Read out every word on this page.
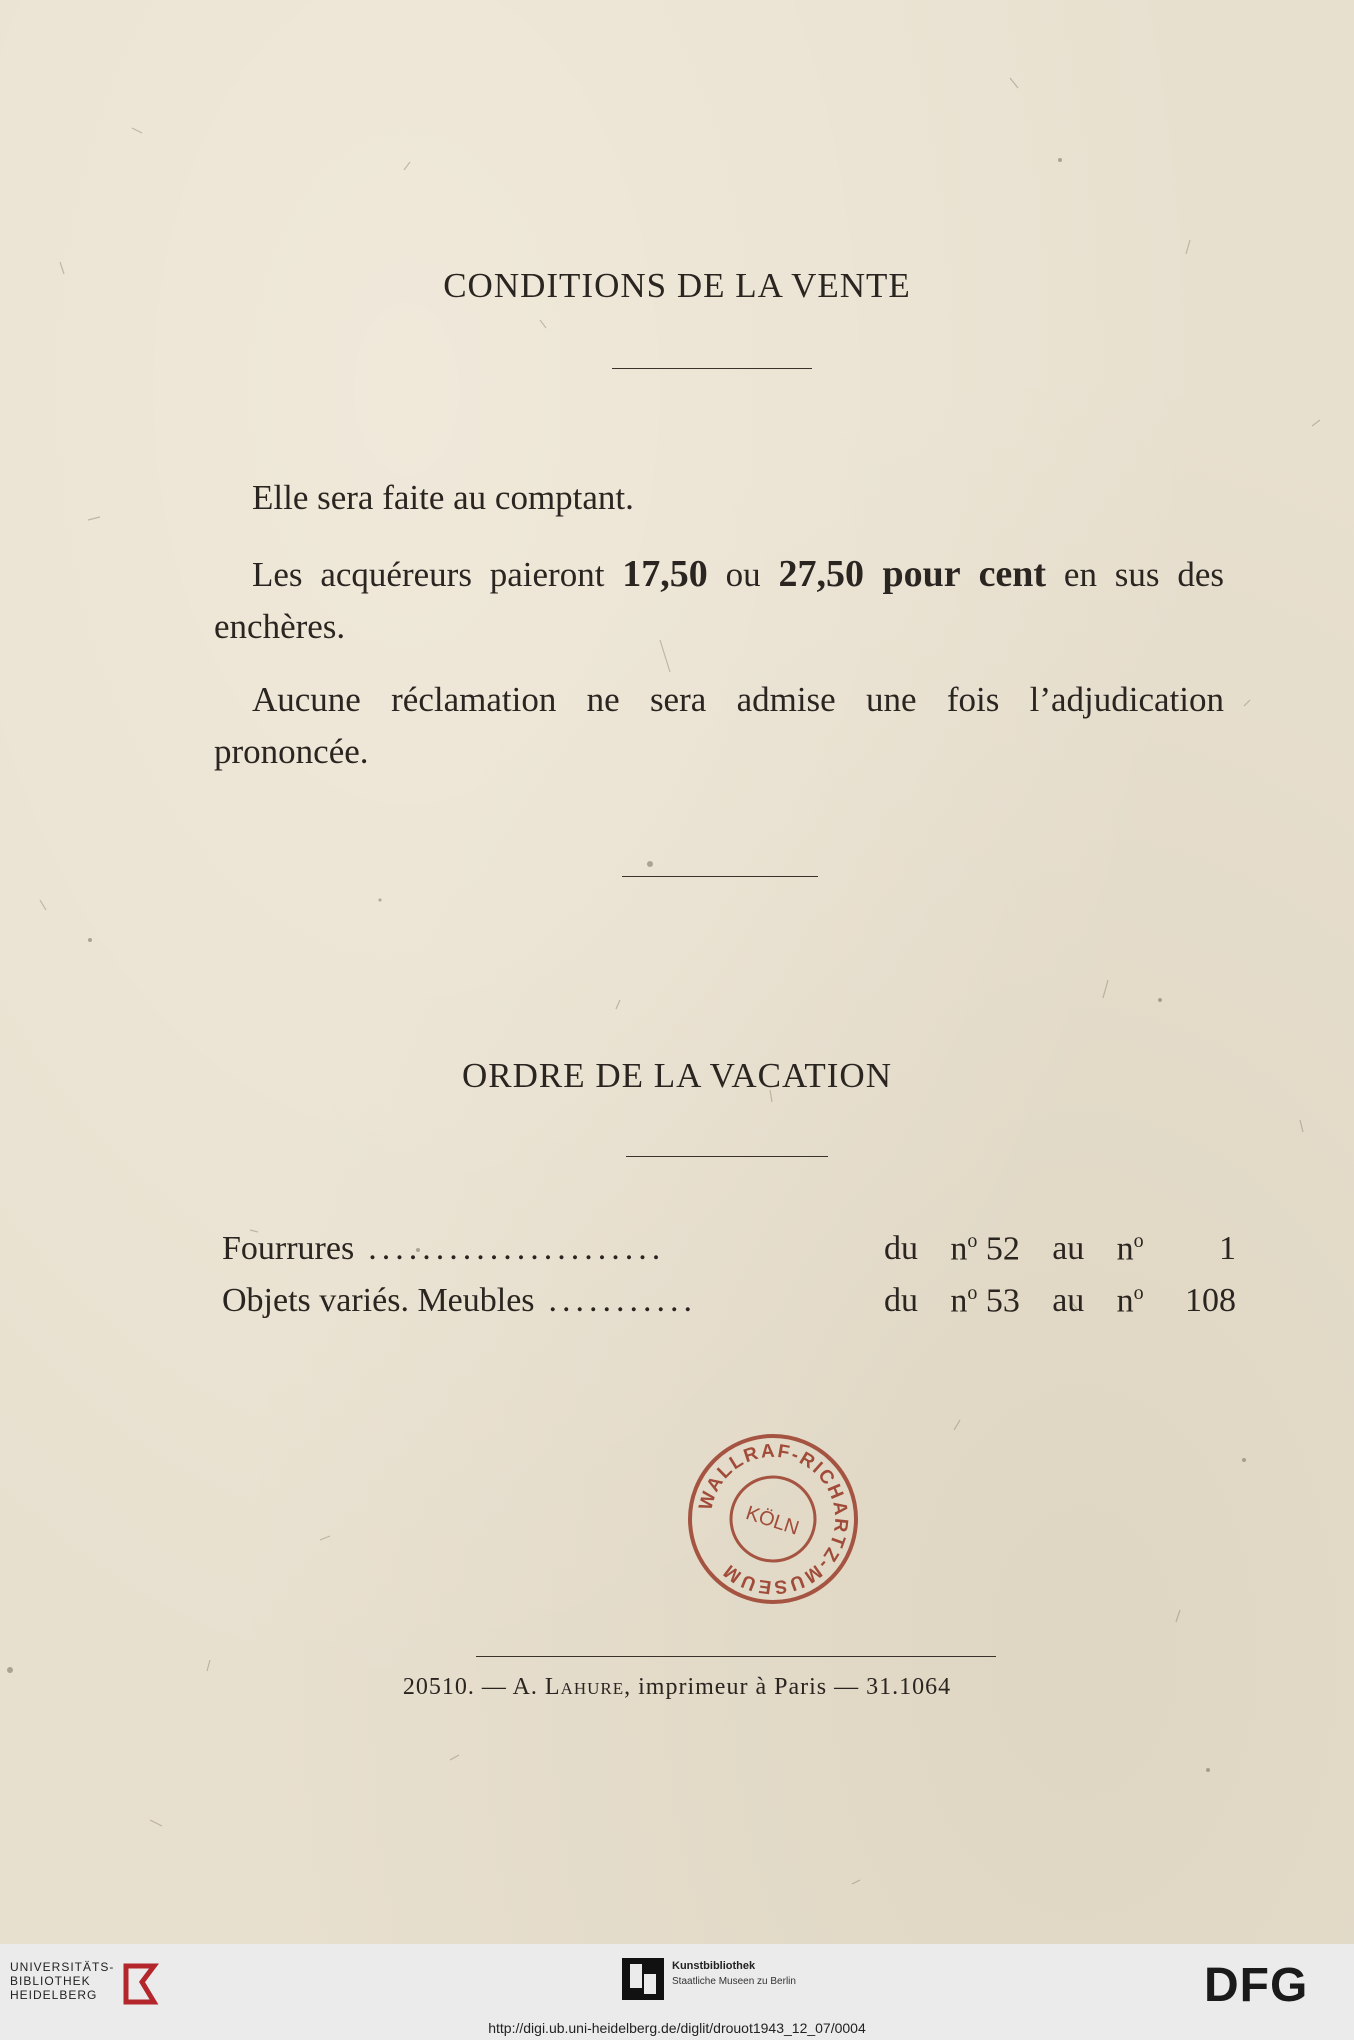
CONDITIONS DE LA VENTE

Elle sera faite au comptant.

Les acquéreurs paieront 17,50 ou 27,50 pour cent en sus des enchères.

Aucune réclamation ne sera admise une fois l’adjudication prononcée.

ORDRE DE LA VACATION
Fourrures ......................	du $n^o$ 52 au $n^o$	1
Objets variés. Meubles ...........	du $n^o$ 53 au $n^o$ 108
WALLRAF-RICHARTZ-MUSEUM
KÖLN
20510. — A. Lahure, imprimeur à Paris — 31.1064
UNIVERSITÄTS-
BIBLIOTHEK
HEIDELBERG
Kunstbibliothek
Staatliche Museen zu Berlin	DFG
http://digi.ub.uni-heidelberg.de/diglit/drouot1943_12_07/0004
